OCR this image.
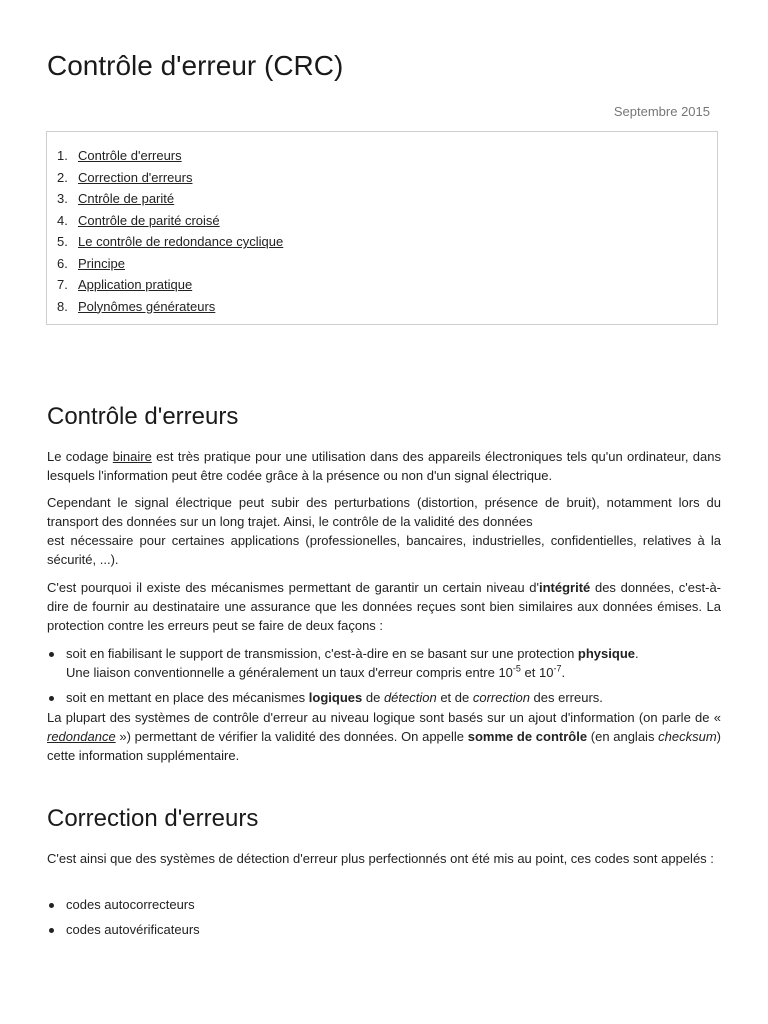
Contrôle d'erreur (CRC)
Septembre 2015
1. Contrôle d'erreurs
2. Correction d'erreurs
3. Cntrôle de parité
4. Contrôle de parité croisé
5. Le contrôle de redondance cyclique
6. Principe
7. Application pratique
8. Polynômes générateurs
Contrôle d'erreurs

Le codage binaire est très pratique pour une utilisation dans des appareils électroniques tels qu'un ordinateur, dans lesquels l'information peut être codée grâce à la présence ou non d'un signal électrique.

Cependant le signal électrique peut subir des perturbations (distortion, présence de bruit), notamment lors du transport des données sur un long trajet. Ainsi, le contrôle de la validité des données
est nécessaire pour certaines applications (professionelles, bancaires, industrielles, confidentielles, relatives à la sécurité, ...).

C'est pourquoi il existe des mécanismes permettant de garantir un certain niveau d'intégrité des données, c'est-à-dire de fournir au destinataire une assurance que les données reçues sont bien similaires aux données émises. La protection contre les erreurs peut se faire de deux façons :

soit en fiabilisant le support de transmission, c'est-à-dire en se basant sur une protection physique.
Une liaison conventionnelle a généralement un taux d'erreur compris entre $10^{-5}$ et $10^{-7}$.
soit en mettant en place des mécanismes logiques de détection et de correction des erreurs.

La plupart des systèmes de contrôle d'erreur au niveau logique sont basés sur un ajout d'information (on parle de « redondance ») permettant de vérifier la validité des données. On appelle somme de contrôle (en anglais checksum) cette information supplémentaire.

Correction d'erreurs

C'est ainsi que des systèmes de détection d'erreur plus perfectionnés ont été mis au point, ces codes sont appelés :

codes autocorrecteurs
codes autovérificateurs
